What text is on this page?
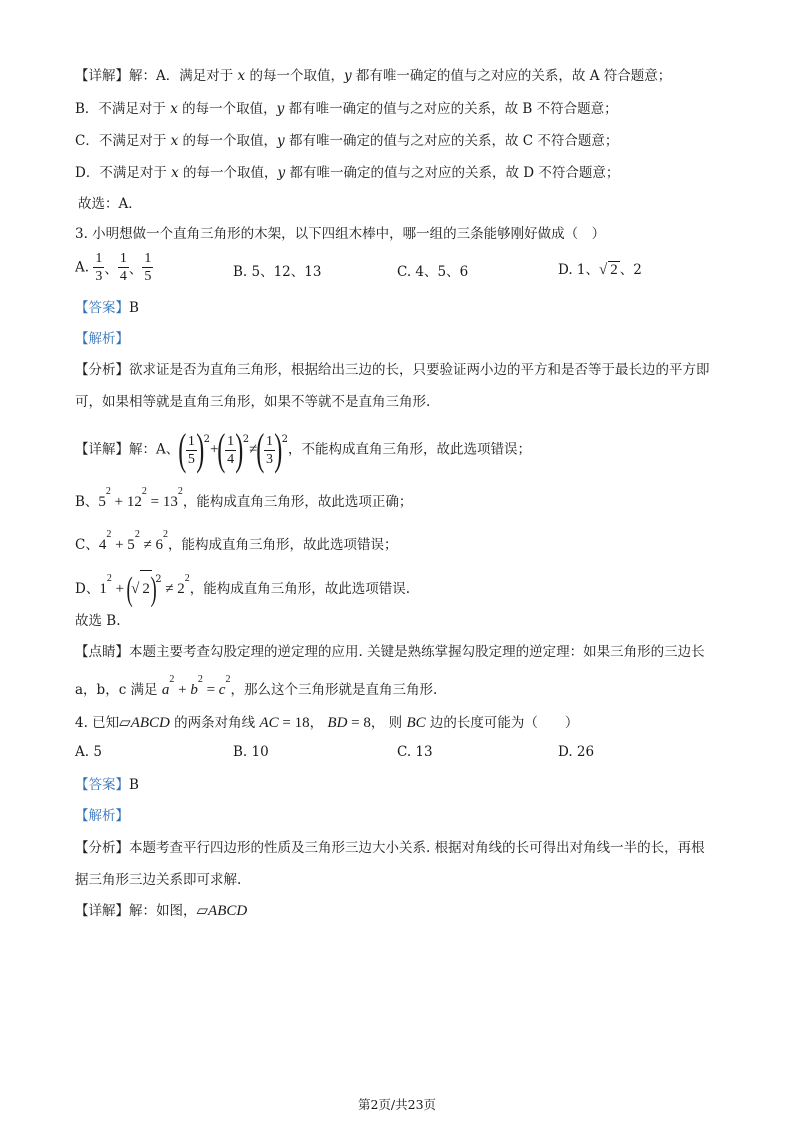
【详解】解：A．满足对于 x 的每一个取值，y 都有唯一确定的值与之对应的关系，故 A 符合题意；
B．不满足对于 x 的每一个取值，y 都有唯一确定的值与之对应的关系，故 B 不符合题意；
C．不满足对于 x 的每一个取值，y 都有唯一确定的值与之对应的关系，故 C 不符合题意；
D．不满足对于 x 的每一个取值，y 都有唯一确定的值与之对应的关系，故 D 不符合题意；
故选：A．
3. 小明想做一个直角三角形的木架，以下四组木棒中，哪一组的三条能够刚好做成（　）
A. $\frac{1}{3}$ 、 $\frac{1}{4}$ 、 $\frac{1}{5}$	B. 5、12、13	C. 4、5、6	D. 1、√ 2 、2
【答案】B
【解析】
【分析】欲求证是否为直角三角形，根据给出三边的长，只要验证两小边的平方和是否等于最长边的平方即
可，如果相等就是直角三角形，如果不等就不是直角三角形.
【详解】解：A、( $\frac{1}{5} )^2+( \frac{1}{4} )^2\ne( \frac{1}{3} )^2$，不能构成直角三角形，故此选项错误；
B、$5^2 + 12^2 = 13^2$，能构成直角三角形，故此选项正确；
C、$4^2 + 5^2 \ne 6^2$，能构成直角三角形，故此选项错误；
D、$1^2$ + (√ $2)^2 \ne 2^2$，能构成直角三角形，故此选项错误.
故选 B.
【点睛】本题主要考查勾股定理的逆定理的应用. 关键是熟练掌握勾股定理的逆定理：如果三角形的三边长
a，b，c 满足 $a^2 + b^2 = c^2$，那么这个三角形就是直角三角形.
4. 已知▱ABCD 的两条对角线 AC = 18， BD = 8， 则 BC 边的长度可能为（　　）
A. 5	B. 10	C. 13	D. 26
【答案】B
【解析】
【分析】本题考查平行四边形的性质及三角形三边大小关系. 根据对角线的长可得出对角线一半的长，再根
据三角形三边关系即可求解.
【详解】解：如图，▱ABCD
第2页/共23页
